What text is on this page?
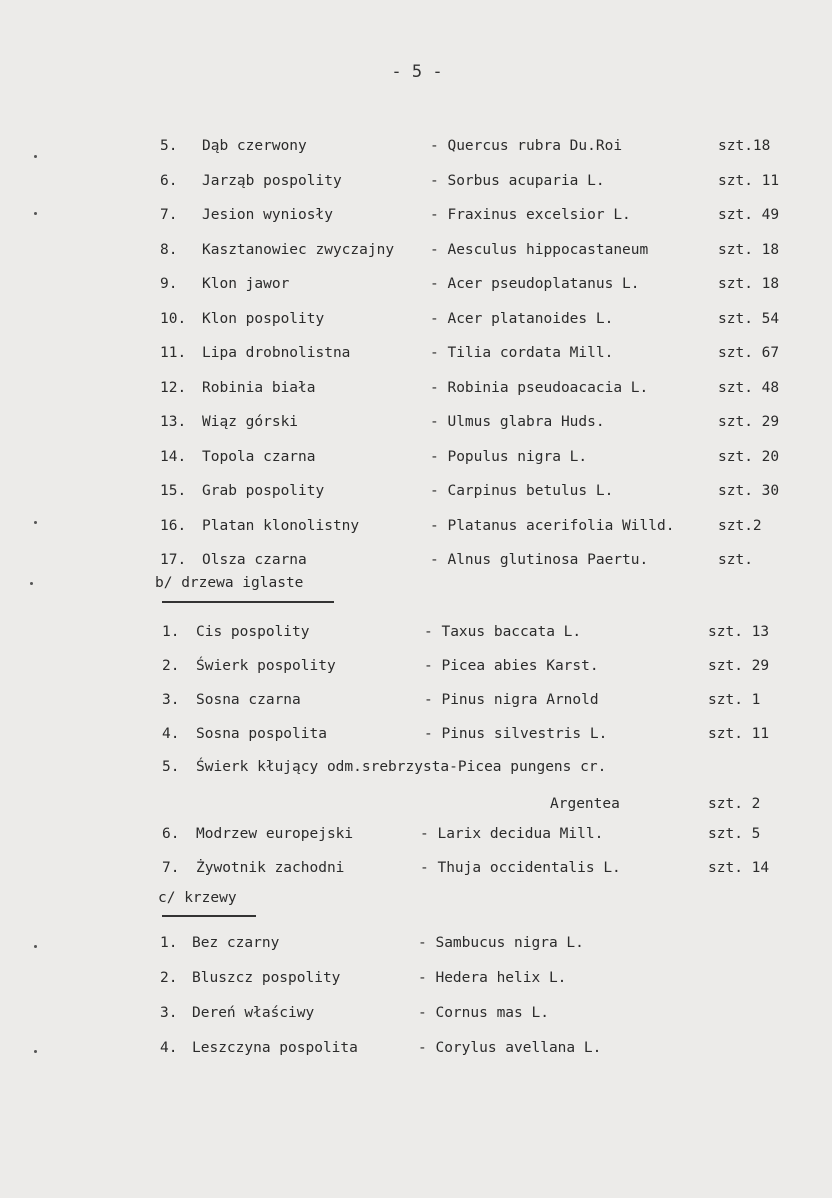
- 5 -
5. Dąb czerwony	- Quercus rubra Du.Roi	szt.18
6. Jarząb pospolity	- Sorbus acuparia L.	szt. 11
7. Jesion wyniosły	- Fraxinus excelsior L.	szt. 49
8. Kasztanowiec zwyczajny - Aesculus hippocastaneum	szt. 18
9. Klon jawor	- Acer pseudoplatanus L.	szt. 18
10. Klon pospolity	- Acer platanoides L.	szt. 54
11. Lipa drobnolistna	- Tilia cordata Mill.	szt. 67
12. Robinia biała	- Robinia pseudoacacia L.	szt. 48
13. Wiąz górski	- Ulmus glabra Huds.	szt. 29
14. Topola czarna	- Populus nigra L.	szt. 20
15. Grab pospolity	- Carpinus betulus L.	szt. 30
16. Platan klonolistny	- Platanus acerifolia Willd.	szt.2
17. Olsza czarna	- Alnus glutinosa Paertu.	szt.
b/ drzewa iglaste
1. Cis pospolity	- Taxus baccata L.	szt. 13
2. Świerk pospolity	- Picea abies Karst.	szt. 29
3. Sosna czarna	- Pinus nigra Arnold	szt. 1
4. Sosna pospolita	- Pinus silvestris L.	szt. 11
5. Świerk kłujący odm.srebrzysta-Picea pungens cr.
Argentea	szt. 2
6. Modrzew europejski	- Larix decidua Mill.	szt. 5
7. Żywotnik zachodni	- Thuja occidentalis L.	szt. 14
c/ krzewy
1. Bez czarny	- Sambucus nigra L.
2. Bluszcz pospolity	- Hedera helix L.
3. Dereń właściwy	- Cornus mas L.
4. Leszczyna pospolita	- Corylus avellana L.
